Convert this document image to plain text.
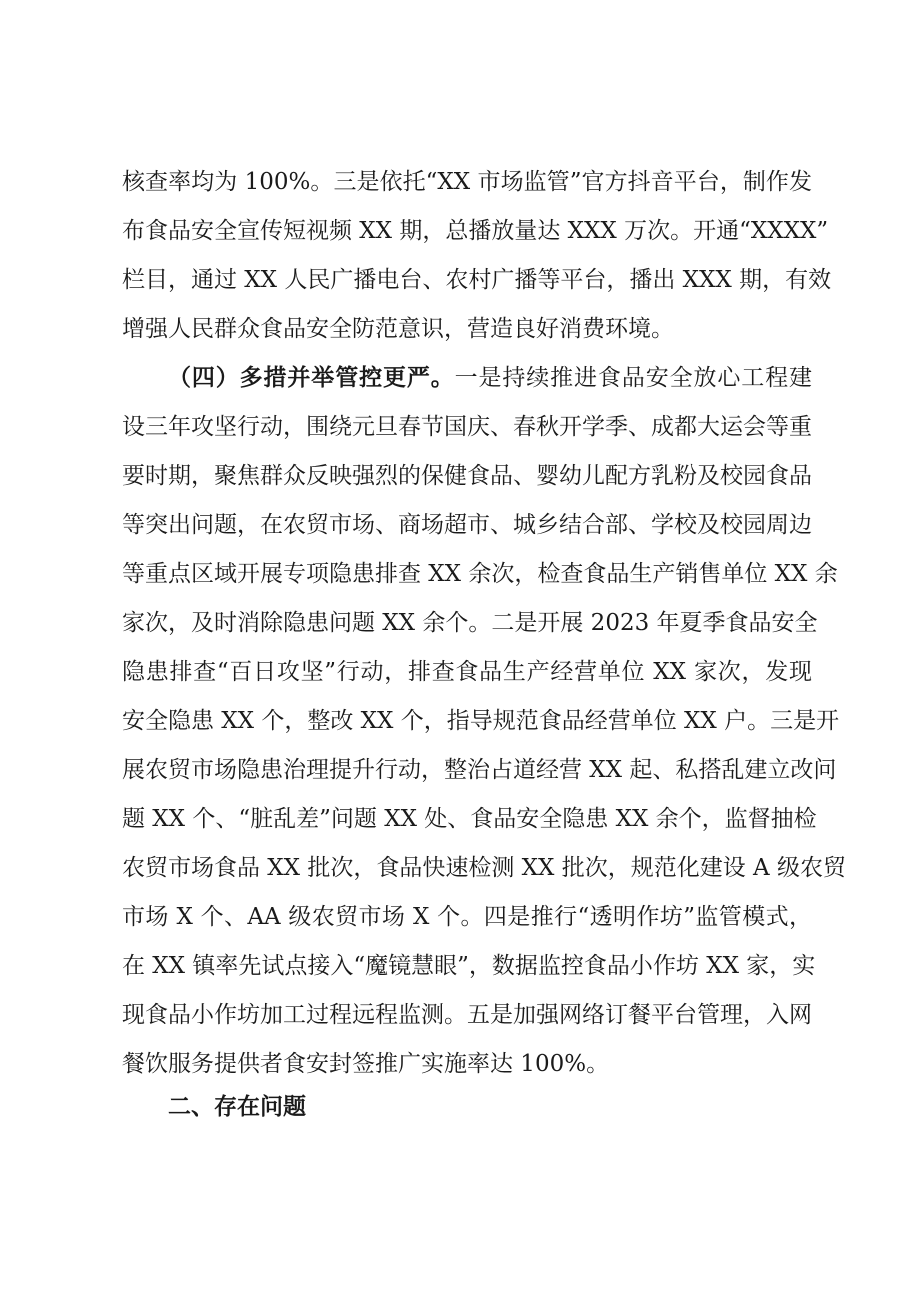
核查率均为 100%。三是依托“XX 市场监管”官方抖音平台，制作发
布食品安全宣传短视频 XX 期，总播放量达 XXX 万次。开通“XXXX”
栏目，通过 XX 人民广播电台、农村广播等平台，播出 XXX 期，有效
增强人民群众食品安全防范意识，营造良好消费环境。
（四）多措并举管控更严。一是持续推进食品安全放心工程建
设三年攻坚行动，围绕元旦春节国庆、春秋开学季、成都大运会等重
要时期，聚焦群众反映强烈的保健食品、婴幼儿配方乳粉及校园食品
等突出问题，在农贸市场、商场超市、城乡结合部、学校及校园周边
等重点区域开展专项隐患排查 XX 余次，检查食品生产销售单位 XX 余
家次，及时消除隐患问题 XX 余个。二是开展 2023 年夏季食品安全
隐患排查“百日攻坚”行动，排查食品生产经营单位 XX 家次，发现
安全隐患 XX 个，整改 XX 个，指导规范食品经营单位 XX 户。三是开
展农贸市场隐患治理提升行动，整治占道经营 XX 起、私搭乱建立改问
题 XX 个、“脏乱差”问题 XX 处、食品安全隐患 XX 余个，监督抽检
农贸市场食品 XX 批次，食品快速检测 XX 批次，规范化建设 A 级农贸
市场 X 个、AA 级农贸市场 X 个。四是推行“透明作坊”监管模式，
在 XX 镇率先试点接入“魔镜慧眼”，数据监控食品小作坊 XX 家，实
现食品小作坊加工过程远程监测。五是加强网络订餐平台管理，入网
餐饮服务提供者食安封签推广实施率达 100%。
二、存在问题
